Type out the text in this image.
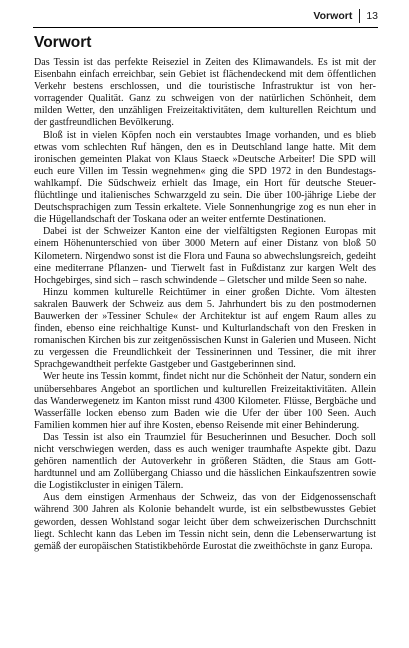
Vorwort	13
Vorwort

Das Tessin ist das perfekte Reiseziel in Zeiten des Klimawandels. Es ist mit der Eisenbahn einfach erreichbar, sein Gebiet ist flächendeckend mit dem öffentlichen Verkehr bestens erschlossen, und die touristische Infrastruktur ist von hervorragender Qualität. Ganz zu schweigen von der natürlichen Schönheit, dem milden Wetter, den unzähligen Freizeitaktivitäten, dem kulturellen Reichtum und der gastfreundlichen Bevölkerung.

Bloß ist in vielen Köpfen noch ein verstaubtes Image vorhanden, und es blieb etwas vom schlechten Ruf hängen, den es in Deutschland lange hatte. Mit dem ironischen gemeinten Plakat von Klaus Staeck »Deutsche Arbeiter! Die SPD will euch eure Villen im Tessin wegnehmen« ging die SPD 1972 in den Bundestagswahlkampf. Die Südschweiz erhielt das Image, ein Hort für deutsche Steuerflüchtlinge und italienisches Schwarzgeld zu sein. Die über 100-jährige Liebe der Deutschsprachigen zum Tessin erkaltete. Viele Sonnenhungrige zog es nun eher in die Hügellandschaft der Toskana oder an weiter entfernte Destinationen.

Dabei ist der Schweizer Kanton eine der vielfältigsten Regionen Europas mit einem Höhenunterschied von über 3000 Metern auf einer Distanz von bloß 50 Kilometern. Nirgendwo sonst ist die Flora und Fauna so abwechslungsreich, gedeiht eine mediterrane Pflanzen- und Tierwelt fast in Fußdistanz zur kargen Welt des Hochgebirges, sind sich – rasch schwindende – Gletscher und milde Seen so nahe.

Hinzu kommen kulturelle Reichtümer in einer großen Dichte. Vom ältesten sakralen Bauwerk der Schweiz aus dem 5. Jahrhundert bis zu den postmodernen Bauwerken der »Tessiner Schule« der Architektur ist auf engem Raum alles zu finden, ebenso eine reichhaltige Kunst- und Kulturlandschaft von den Fresken in romanischen Kirchen bis zur zeitgenössischen Kunst in Galerien und Museen. Nicht zu vergessen die Freundlichkeit der Tessinerinnen und Tessiner, die mit ihrer Sprachgewandtheit perfekte Gastgeber und Gastgeberinnen sind.

Wer heute ins Tessin kommt, findet nicht nur die Schönheit der Natur, sondern ein unübersehbares Angebot an sportlichen und kulturellen Freizeitaktivitäten. Allein das Wanderwegenetz im Kanton misst rund 4300 Kilometer. Flüsse, Bergbäche und Wasserfälle locken ebenso zum Baden wie die Ufer der über 100 Seen. Auch Familien kommen hier auf ihre Kosten, ebenso Reisende mit einer Behinderung.

Das Tessin ist also ein Traumziel für Besucherinnen und Besucher. Doch soll nicht verschwiegen werden, dass es auch weniger traumhafte Aspekte gibt. Dazu gehören namentlich der Autoverkehr in größeren Städten, die Staus am Gotthardtunnel und am Zollübergang Chiasso und die hässlichen Einkaufszentren sowie die Logistikcluster in einigen Tälern.

Aus dem einstigen Armenhaus der Schweiz, das von der Eidgenossenschaft während 300 Jahren als Kolonie behandelt wurde, ist ein selbstbewusstes Gebiet geworden, dessen Wohlstand sogar leicht über dem schweizerischen Durchschnitt liegt. Schlecht kann das Leben im Tessin nicht sein, denn die Lebenserwartung ist gemäß der europäischen Statistikbehörde Eurostat die zweithöchste in ganz Europa.
